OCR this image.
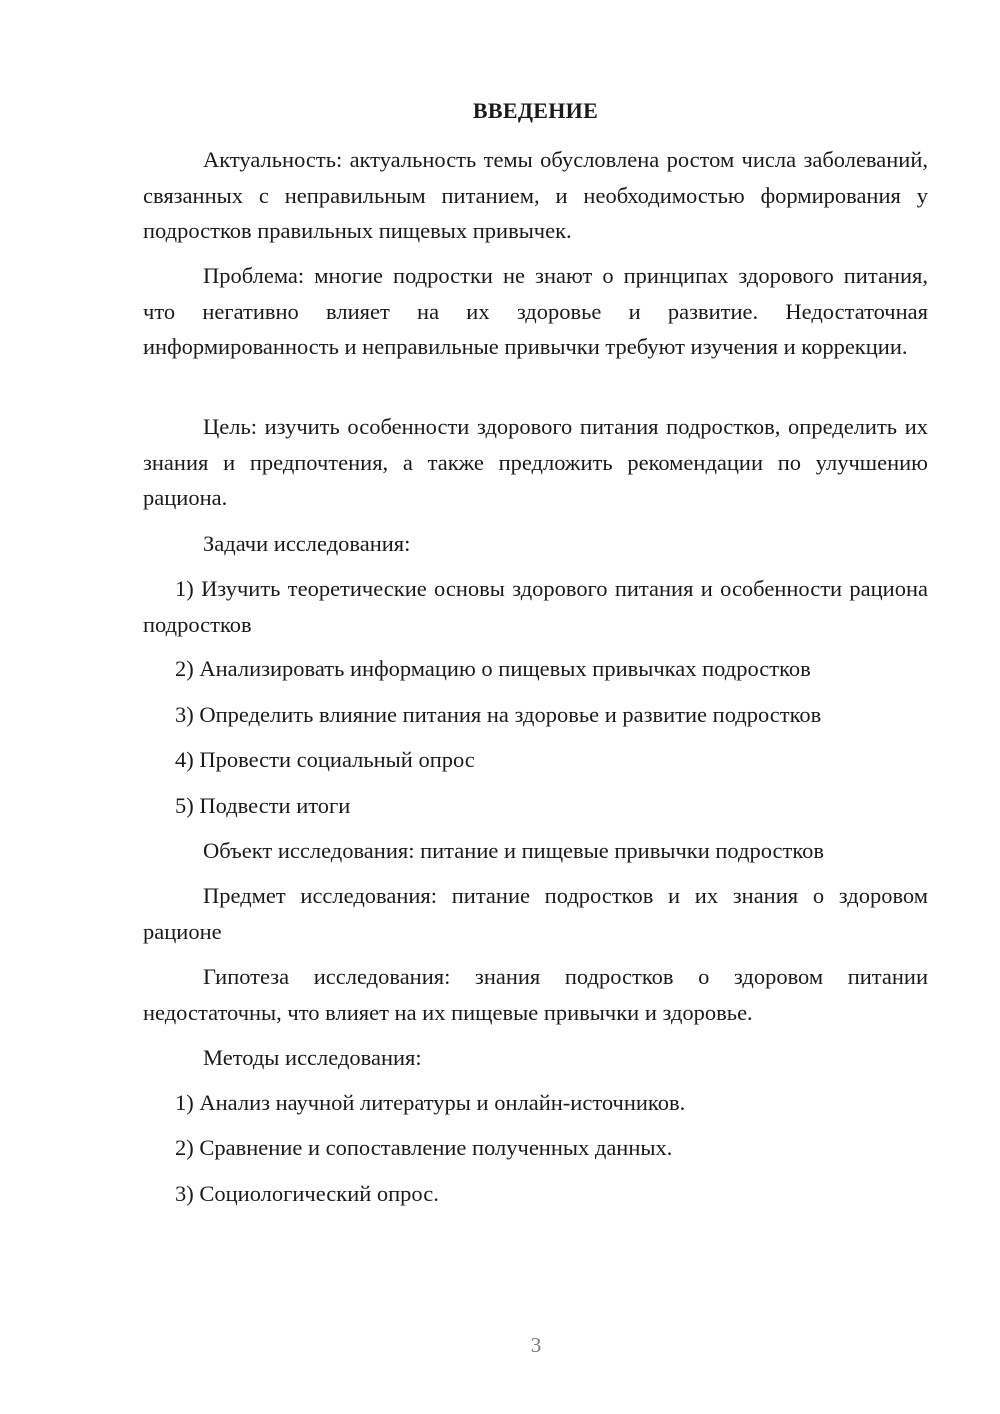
ВВЕДЕНИЕ

Актуальность: актуальность темы обусловлена ростом числа заболеваний, связанных с неправильным питанием, и необходимостью формирования у подростков правильных пищевых привычек.

Проблема: многие подростки не знают о принципах здорового питания, что негативно влияет на их здоровье и развитие. Недостаточная информированность и неправильные привычки требуют изучения и коррекции.

Цель: изучить особенности здорового питания подростков, определить их знания и предпочтения, а также предложить рекомендации по улучшению рациона.

Задачи исследования:

1) Изучить теоретические основы здорового питания и особенности рациона подростков

2) Анализировать информацию о пищевых привычках подростков

3) Определить влияние питания на здоровье и развитие подростков

4) Провести социальный опрос

5) Подвести итоги

Объект исследования: питание и пищевые привычки подростков

Предмет исследования: питание подростков и их знания о здоровом рационе

Гипотеза исследования: знания подростков о здоровом питании недостаточны, что влияет на их пищевые привычки и здоровье.

Методы исследования:

1) Анализ научной литературы и онлайн-источников.

2) Сравнение и сопоставление полученных данных.

3) Социологический опрос.

3
